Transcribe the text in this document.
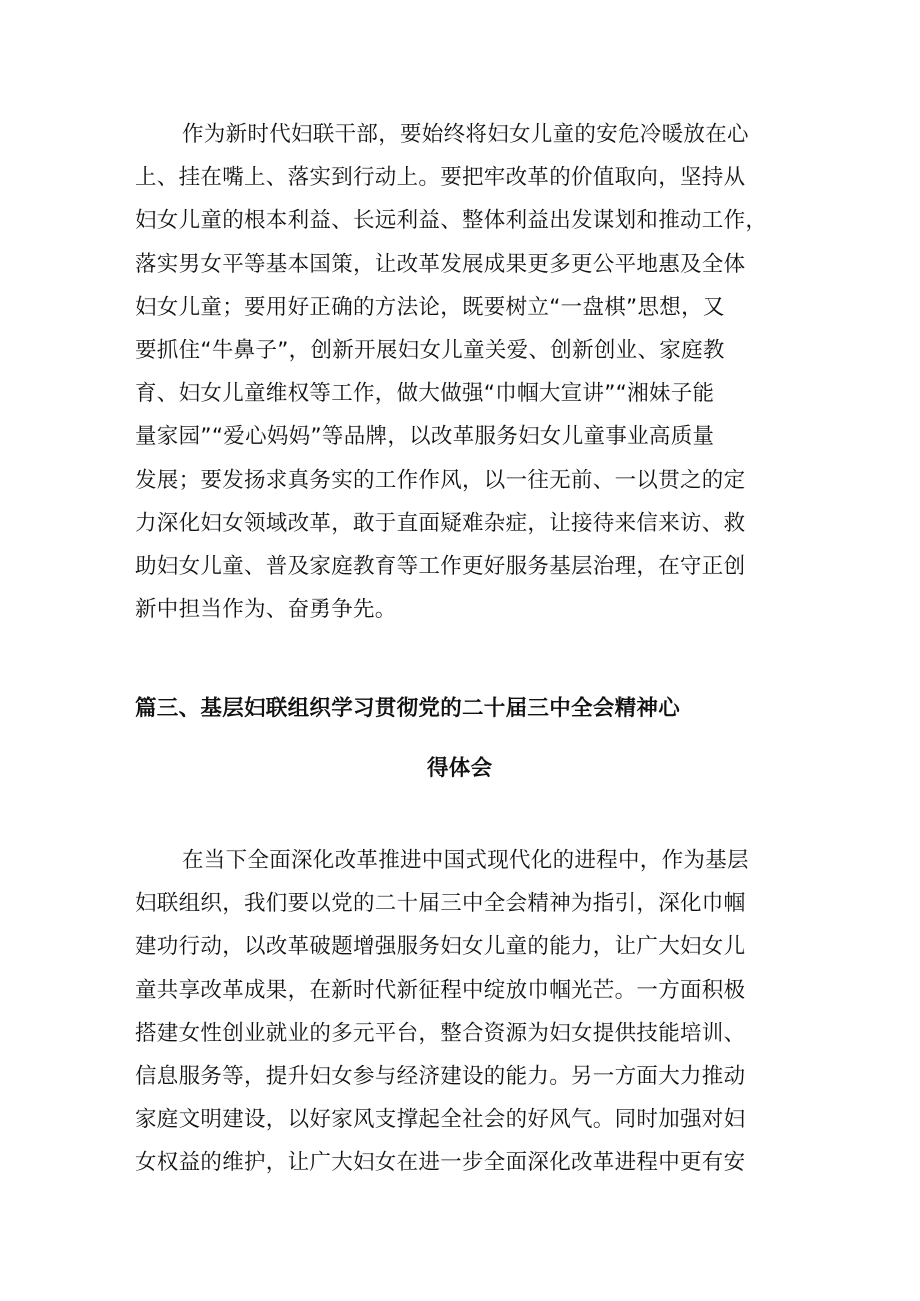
作为新时代妇联干部，要始终将妇女儿童的安危冷暖放在心
上、挂在嘴上、落实到行动上。要把牢改革的价值取向，坚持从
妇女儿童的根本利益、长远利益、整体利益出发谋划和推动工作，
落实男女平等基本国策，让改革发展成果更多更公平地惠及全体
妇女儿童；要用好正确的方法论，既要树立“一盘棋”思想，又
要抓住“牛鼻子”，创新开展妇女儿童关爱、创新创业、家庭教
育、妇女儿童维权等工作，做大做强“巾帼大宣讲”“湘妹子能
量家园”“爱心妈妈”等品牌，以改革服务妇女儿童事业高质量
发展；要发扬求真务实的工作作风，以一往无前、一以贯之的定
力深化妇女领域改革，敢于直面疑难杂症，让接待来信来访、救
助妇女儿童、普及家庭教育等工作更好服务基层治理，在守正创
新中担当作为、奋勇争先。
篇三、基层妇联组织学习贯彻党的二十届三中全会精神心
得体会
在当下全面深化改革推进中国式现代化的进程中，作为基层
妇联组织，我们要以党的二十届三中全会精神为指引，深化巾帼
建功行动，以改革破题增强服务妇女儿童的能力，让广大妇女儿
童共享改革成果，在新时代新征程中绽放巾帼光芒。一方面积极
搭建女性创业就业的多元平台，整合资源为妇女提供技能培训、
信息服务等，提升妇女参与经济建设的能力。另一方面大力推动
家庭文明建设，以好家风支撑起全社会的好风气。同时加强对妇
女权益的维护，让广大妇女在进一步全面深化改革进程中更有安
